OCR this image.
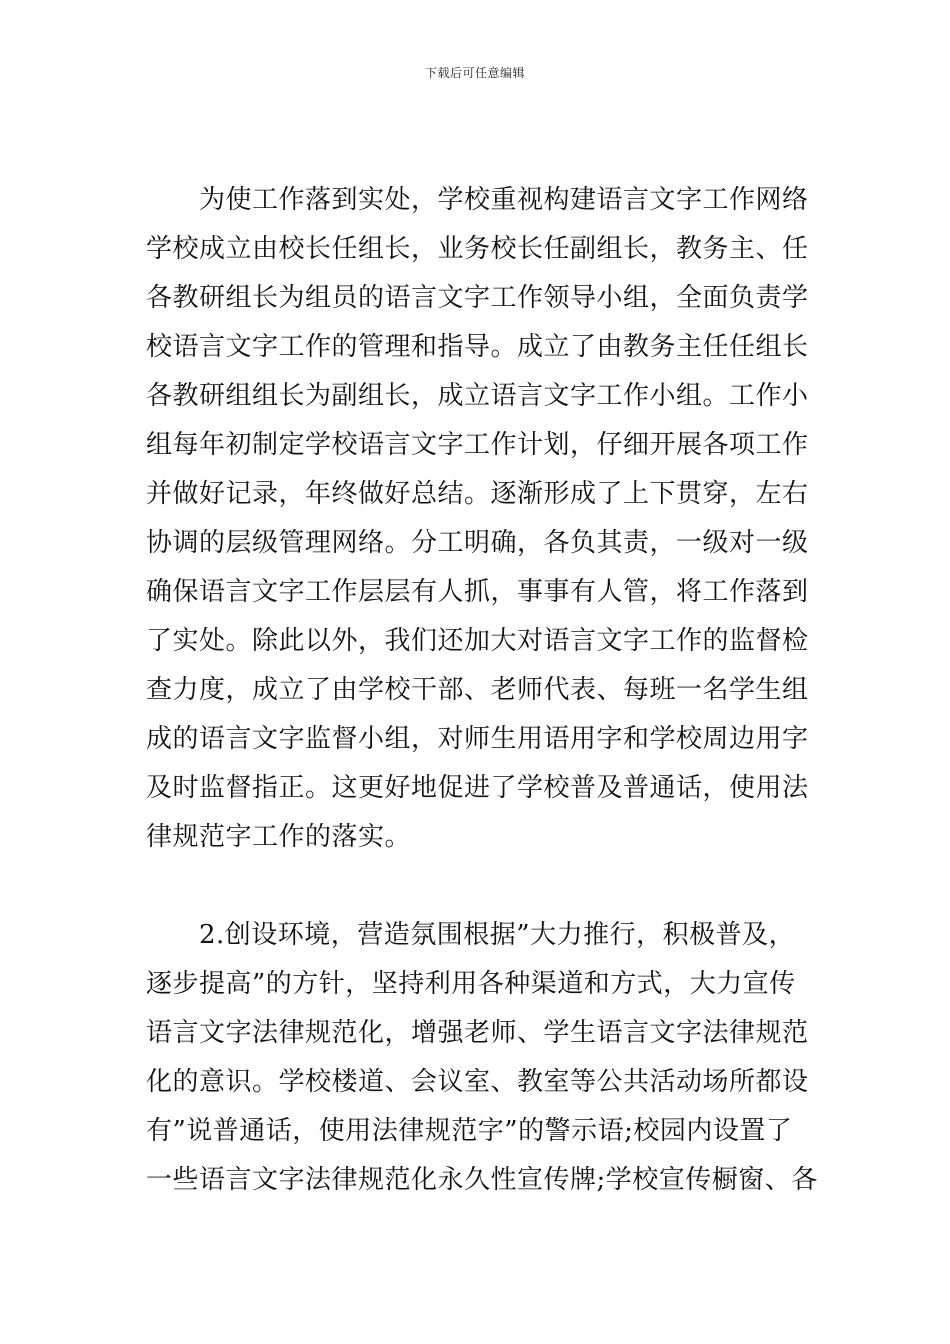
下载后可任意编辑
　　为使工作落到实处，学校重视构建语言文字工作网络
学校成立由校长任组长，业务校长任副组长，教务主、任
各教研组长为组员的语言文字工作领导小组，全面负责学
校语言文字工作的管理和指导。成立了由教务主任任组长
各教研组组长为副组长，成立语言文字工作小组。工作小
组每年初制定学校语言文字工作计划，仔细开展各项工作
并做好记录，年终做好总结。逐渐形成了上下贯穿，左右
协调的层级管理网络。分工明确，各负其责，一级对一级
确保语言文字工作层层有人抓，事事有人管，将工作落到
了实处。除此以外，我们还加大对语言文字工作的监督检
查力度，成立了由学校干部、老师代表、每班一名学生组
成的语言文字监督小组，对师生用语用字和学校周边用字
及时监督指正。这更好地促进了学校普及普通话，使用法
律规范字工作的落实。
　　2.创设环境，营造氛围根据”大力推行，积极普及，
逐步提高”的方针，坚持利用各种渠道和方式，大力宣传
语言文字法律规范化，增强老师、学生语言文字法律规范
化的意识。学校楼道、会议室、教室等公共活动场所都设
有”说普通话，使用法律规范字”的警示语;校园内设置了
一些语言文字法律规范化永久性宣传牌;学校宣传橱窗、各
